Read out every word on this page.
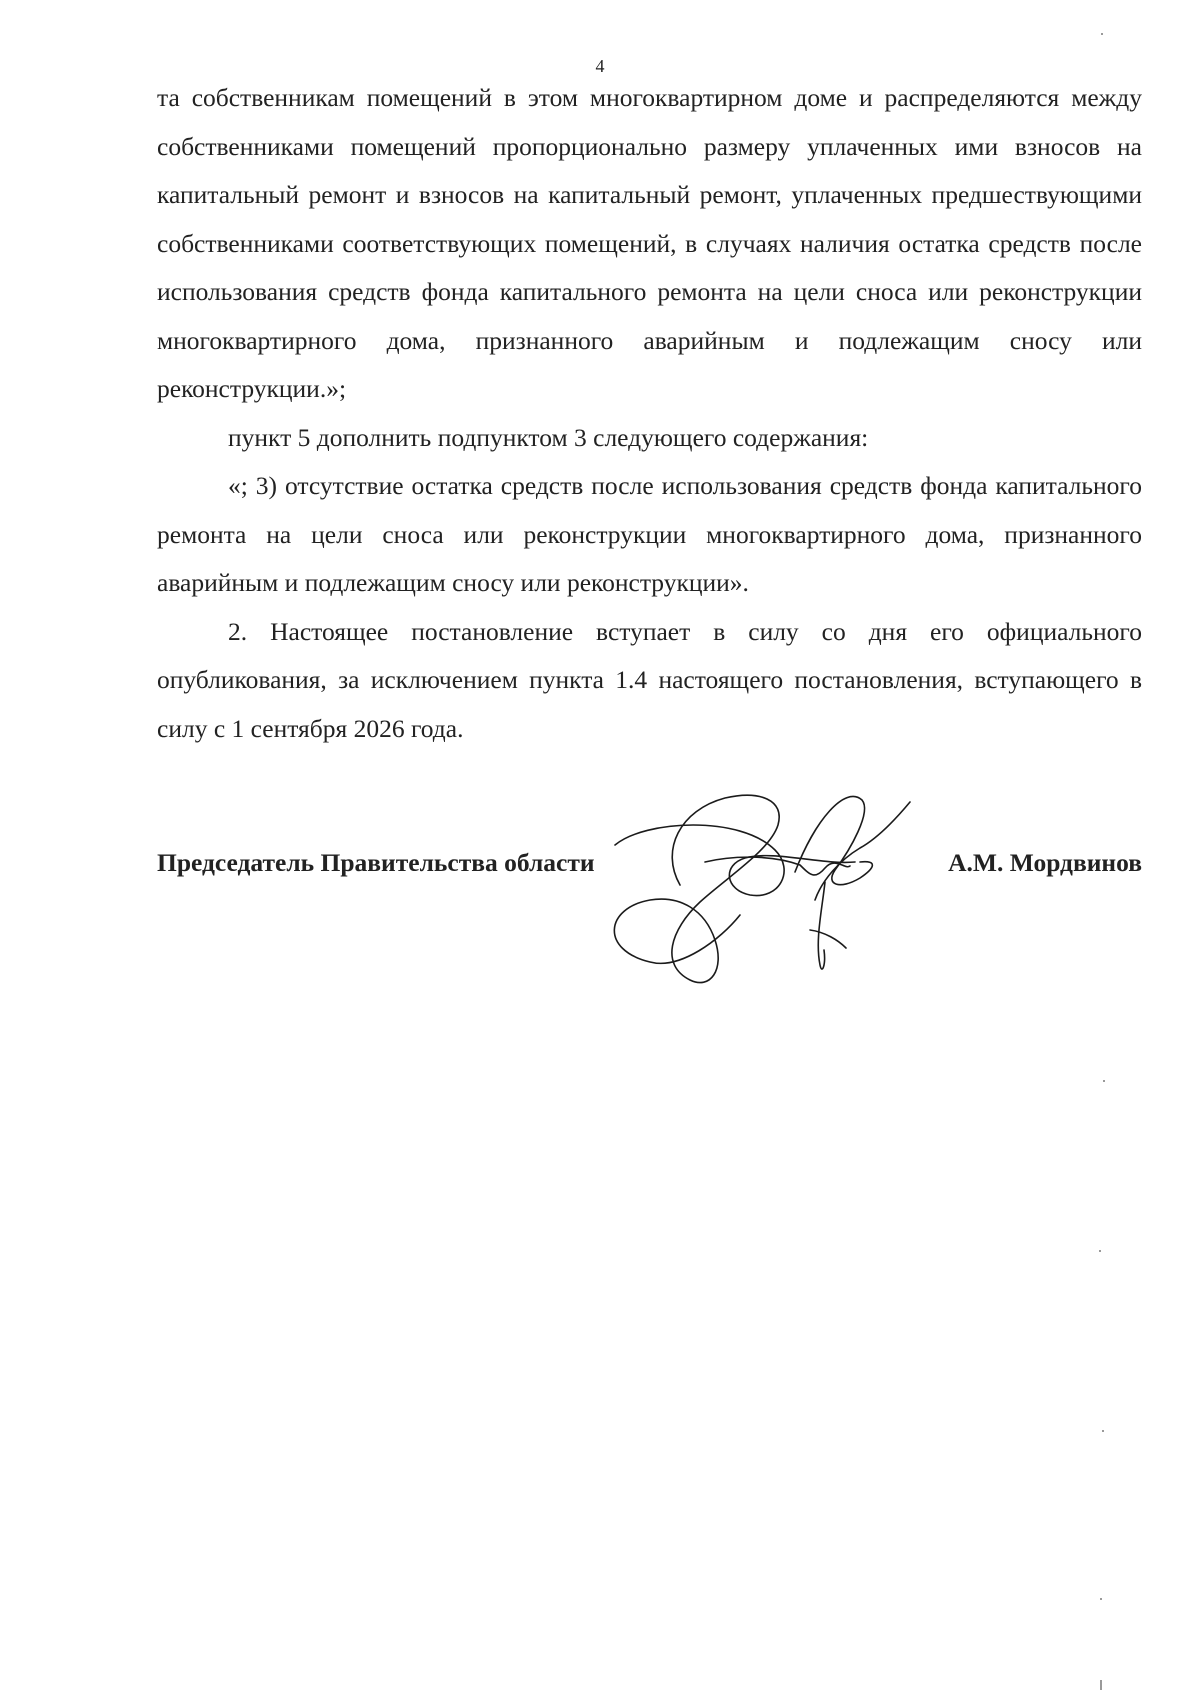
4

та собственникам помещений в этом многоквартирном доме и распределяются между собственниками помещений пропорционально размеру уплаченных ими взносов на капитальный ремонт и взносов на капитальный ремонт, уплаченных предшествующими собственниками соответствующих помещений, в случаях наличия остатка средств после использования средств фонда капитального ремонта на цели сноса или реконструкции многоквартирного дома, признанного аварийным и подлежащим сносу или реконструкции.»;

пункт 5 дополнить подпунктом 3 следующего содержания:

«; 3) отсутствие остатка средств после использования средств фонда капитального ремонта на цели сноса или реконструкции многоквартирного дома, признанного аварийным и подлежащим сносу или реконструкции».

2. Настоящее постановление вступает в силу со дня его официального опубликования, за исключением пункта 1.4 настоящего постановления, вступающего в силу с 1 сентября 2026 года.

Председатель Правительства области	А.М. Мордвинов
